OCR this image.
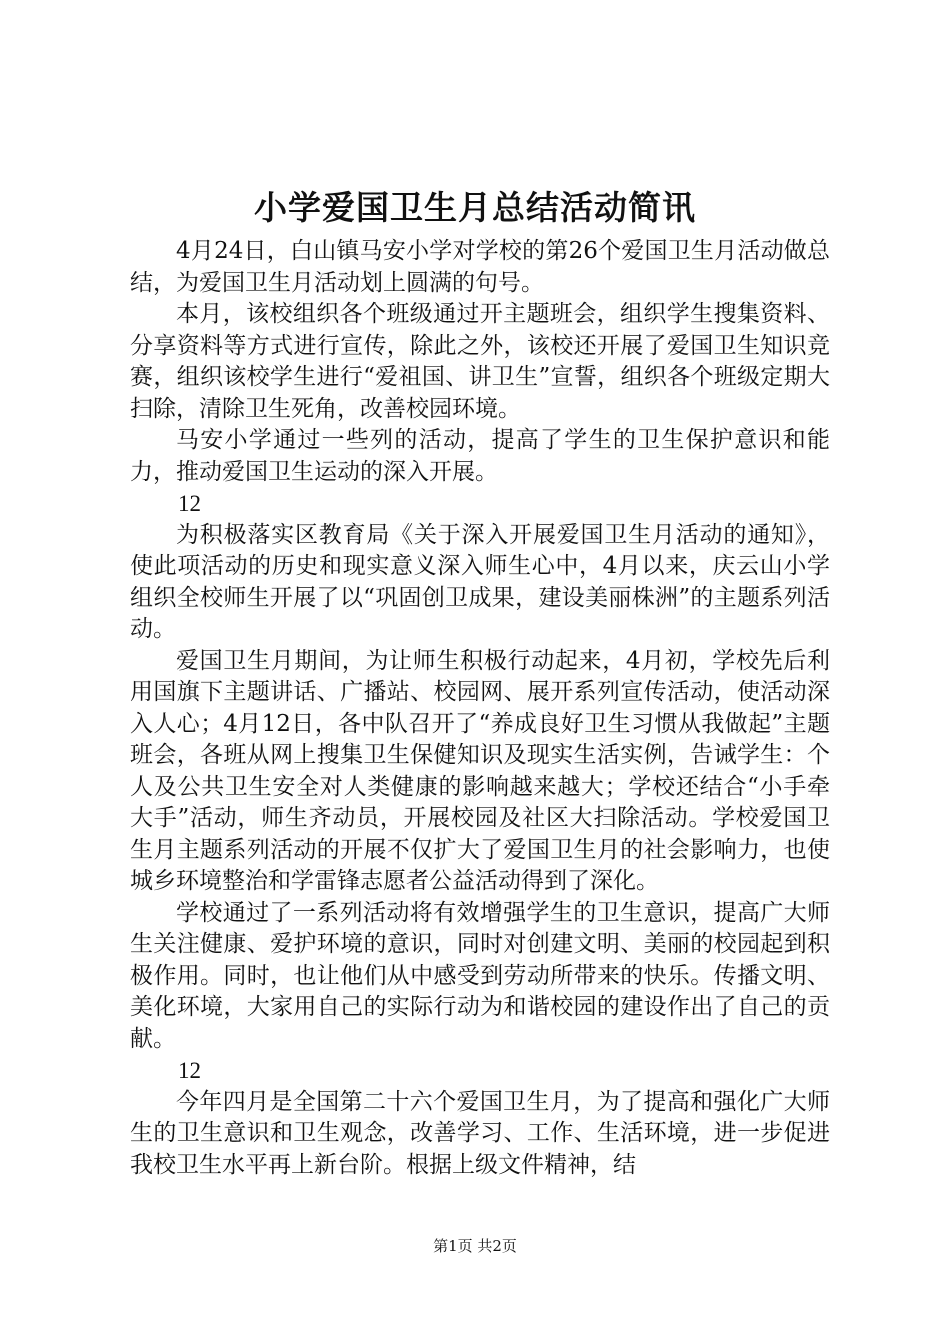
小学爱国卫生月总结活动简讯

4月24日，白山镇马安小学对学校的第26个爱国卫生月活动做总结，为爱国卫生月活动划上圆满的句号。

本月，该校组织各个班级通过开主题班会，组织学生搜集资料、分享资料等方式进行宣传，除此之外，该校还开展了爱国卫生知识竞赛，组织该校学生进行“爱祖国、讲卫生”宣誓，组织各个班级定期大扫除，清除卫生死角，改善校园环境。

马安小学通过一些列的活动，提高了学生的卫生保护意识和能力，推动爱国卫生运动的深入开展。

12

为积极落实区教育局《关于深入开展爱国卫生月活动的通知》，使此项活动的历史和现实意义深入师生心中，4月以来，庆云山小学组织全校师生开展了以“巩固创卫成果，建设美丽株洲”的主题系列活动。

爱国卫生月期间，为让师生积极行动起来，4月初，学校先后利用国旗下主题讲话、广播站、校园网、展开系列宣传活动，使活动深入人心；4月12日，各中队召开了“养成良好卫生习惯从我做起”主题班会，各班从网上搜集卫生保健知识及现实生活实例，告诫学生：个人及公共卫生安全对人类健康的影响越来越大；学校还结合“小手牵大手”活动，师生齐动员，开展校园及社区大扫除活动。学校爱国卫生月主题系列活动的开展不仅扩大了爱国卫生月的社会影响力，也使城乡环境整治和学雷锋志愿者公益活动得到了深化。

学校通过了一系列活动将有效增强学生的卫生意识，提高广大师生关注健康、爱护环境的意识，同时对创建文明、美丽的校园起到积极作用。同时，也让他们从中感受到劳动所带来的快乐。传播文明、美化环境，大家用自己的实际行动为和谐校园的建设作出了自己的贡献。

12

今年四月是全国第二十六个爱国卫生月，为了提高和强化广大师生的卫生意识和卫生观念，改善学习、工作、生活环境，进一步促进我校卫生水平再上新台阶。根据上级文件精神，结

第1页 共2页
